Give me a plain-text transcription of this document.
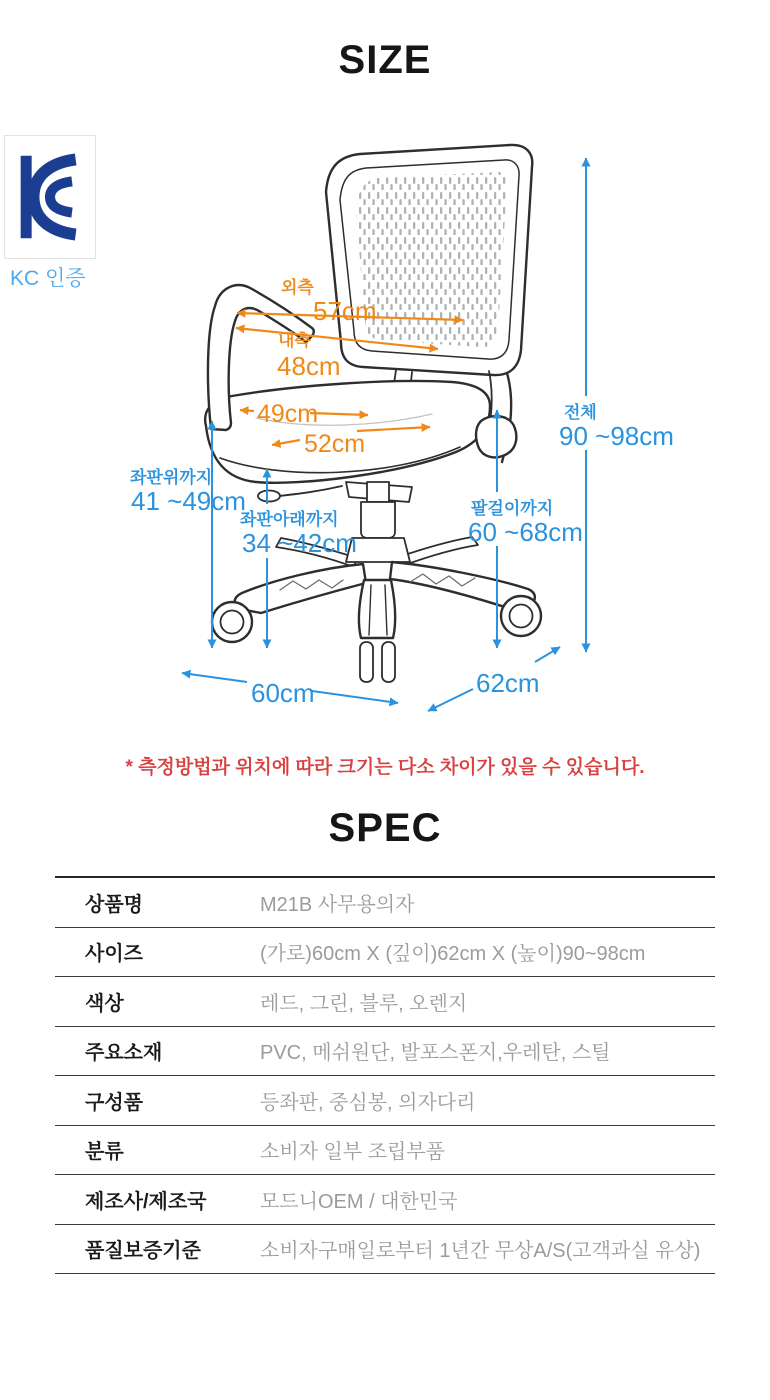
SIZE
KC 인증	외측
57cm
내측
48cm
49cm
52cm
전체
90 ~98cm
팔걸이까지
60 ~68cm
좌판위까지
41 ~49cm
좌판아래까지
34 ~42cm
60cm	62cm
* 측정방법과 위치에 따라 크기는 다소 차이가 있을 수 있습니다.
SPEC
상품명	M21B 사무용의자
사이즈	(가로)60cm X (깊이)62cm X (높이)90~98cm
색상	레드, 그린, 블루, 오렌지
주요소재	PVC, 메쉬원단, 발포스폰지,우레탄, 스틸
구성품	등좌판, 중심봉, 의자다리
분류	소비자 일부 조립부품
제조사/제조국	모드니OEM / 대한민국
품질보증기준	소비자구매일로부터 1년간 무상A/S(고객과실 유상)
